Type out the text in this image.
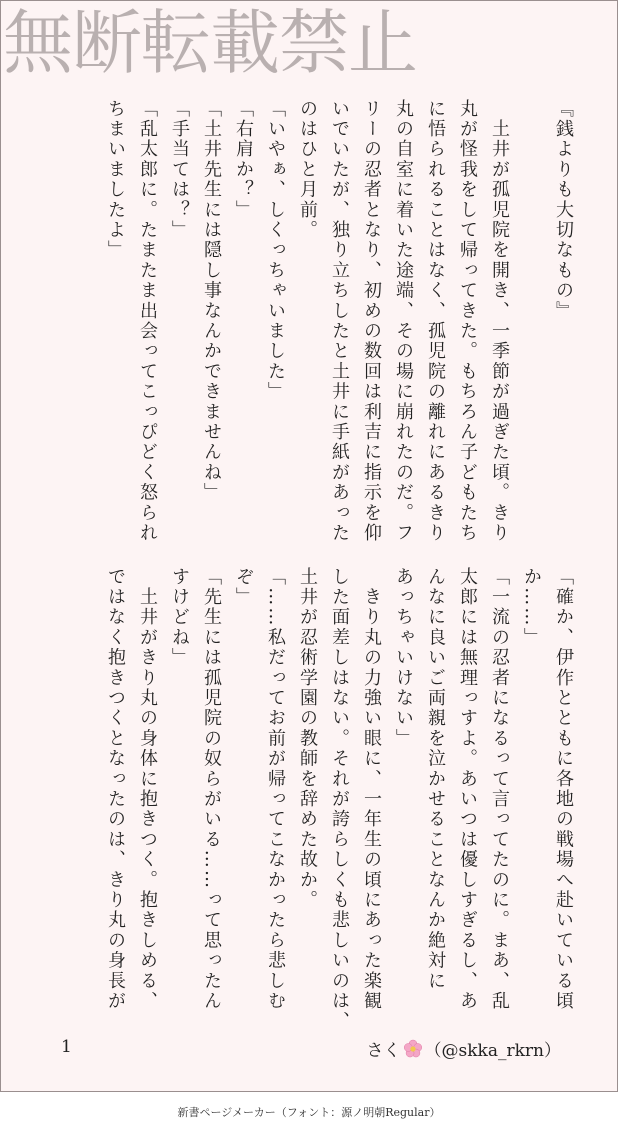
無断転載禁止
『銭よりも大切なもの』

　土井が孤児院を開き、一季節が過ぎた頃。きり
丸が怪我をして帰ってきた。もちろん子どもたち
に悟られることはなく、孤児院の離れにあるきり
丸の自室に着いた途端、その場に崩れたのだ。フ
リーの忍者となり、初めの数回は利吉に指示を仰
いでいたが、独り立ちしたと土井に手紙があった
のはひと月前。
「いやぁ、しくっちゃいました」
「右肩か？」
「土井先生には隠し事なんかできませんね」
「手当ては？」
「乱太郎に。たまたま出会ってこっぴどく怒られ
ちまいましたよ」
「確か、伊作とともに各地の戦場へ赴いている頃
か……」
「一流の忍者になるって言ってたのに。まあ、乱
太郎には無理っすよ。あいつは優しすぎるし、あ
んなに良いご両親を泣かせることなんか絶対に
あっちゃいけない」
　きり丸の力強い眼に、一年生の頃にあった楽観
した面差しはない。それが誇らしくも悲しいのは、
土井が忍術学園の教師を辞めた故か。
「……私だってお前が帰ってこなかったら悲しむ
ぞ」
「先生には孤児院の奴らがいる……って思ったん
すけどね」
　土井がきり丸の身体に抱きつく。抱きしめる、
ではなく抱きつくとなったのは、きり丸の身長が
1	さく （@skka_rkrn）
新書ページメーカー（フォント：源ノ明朝Regular）
